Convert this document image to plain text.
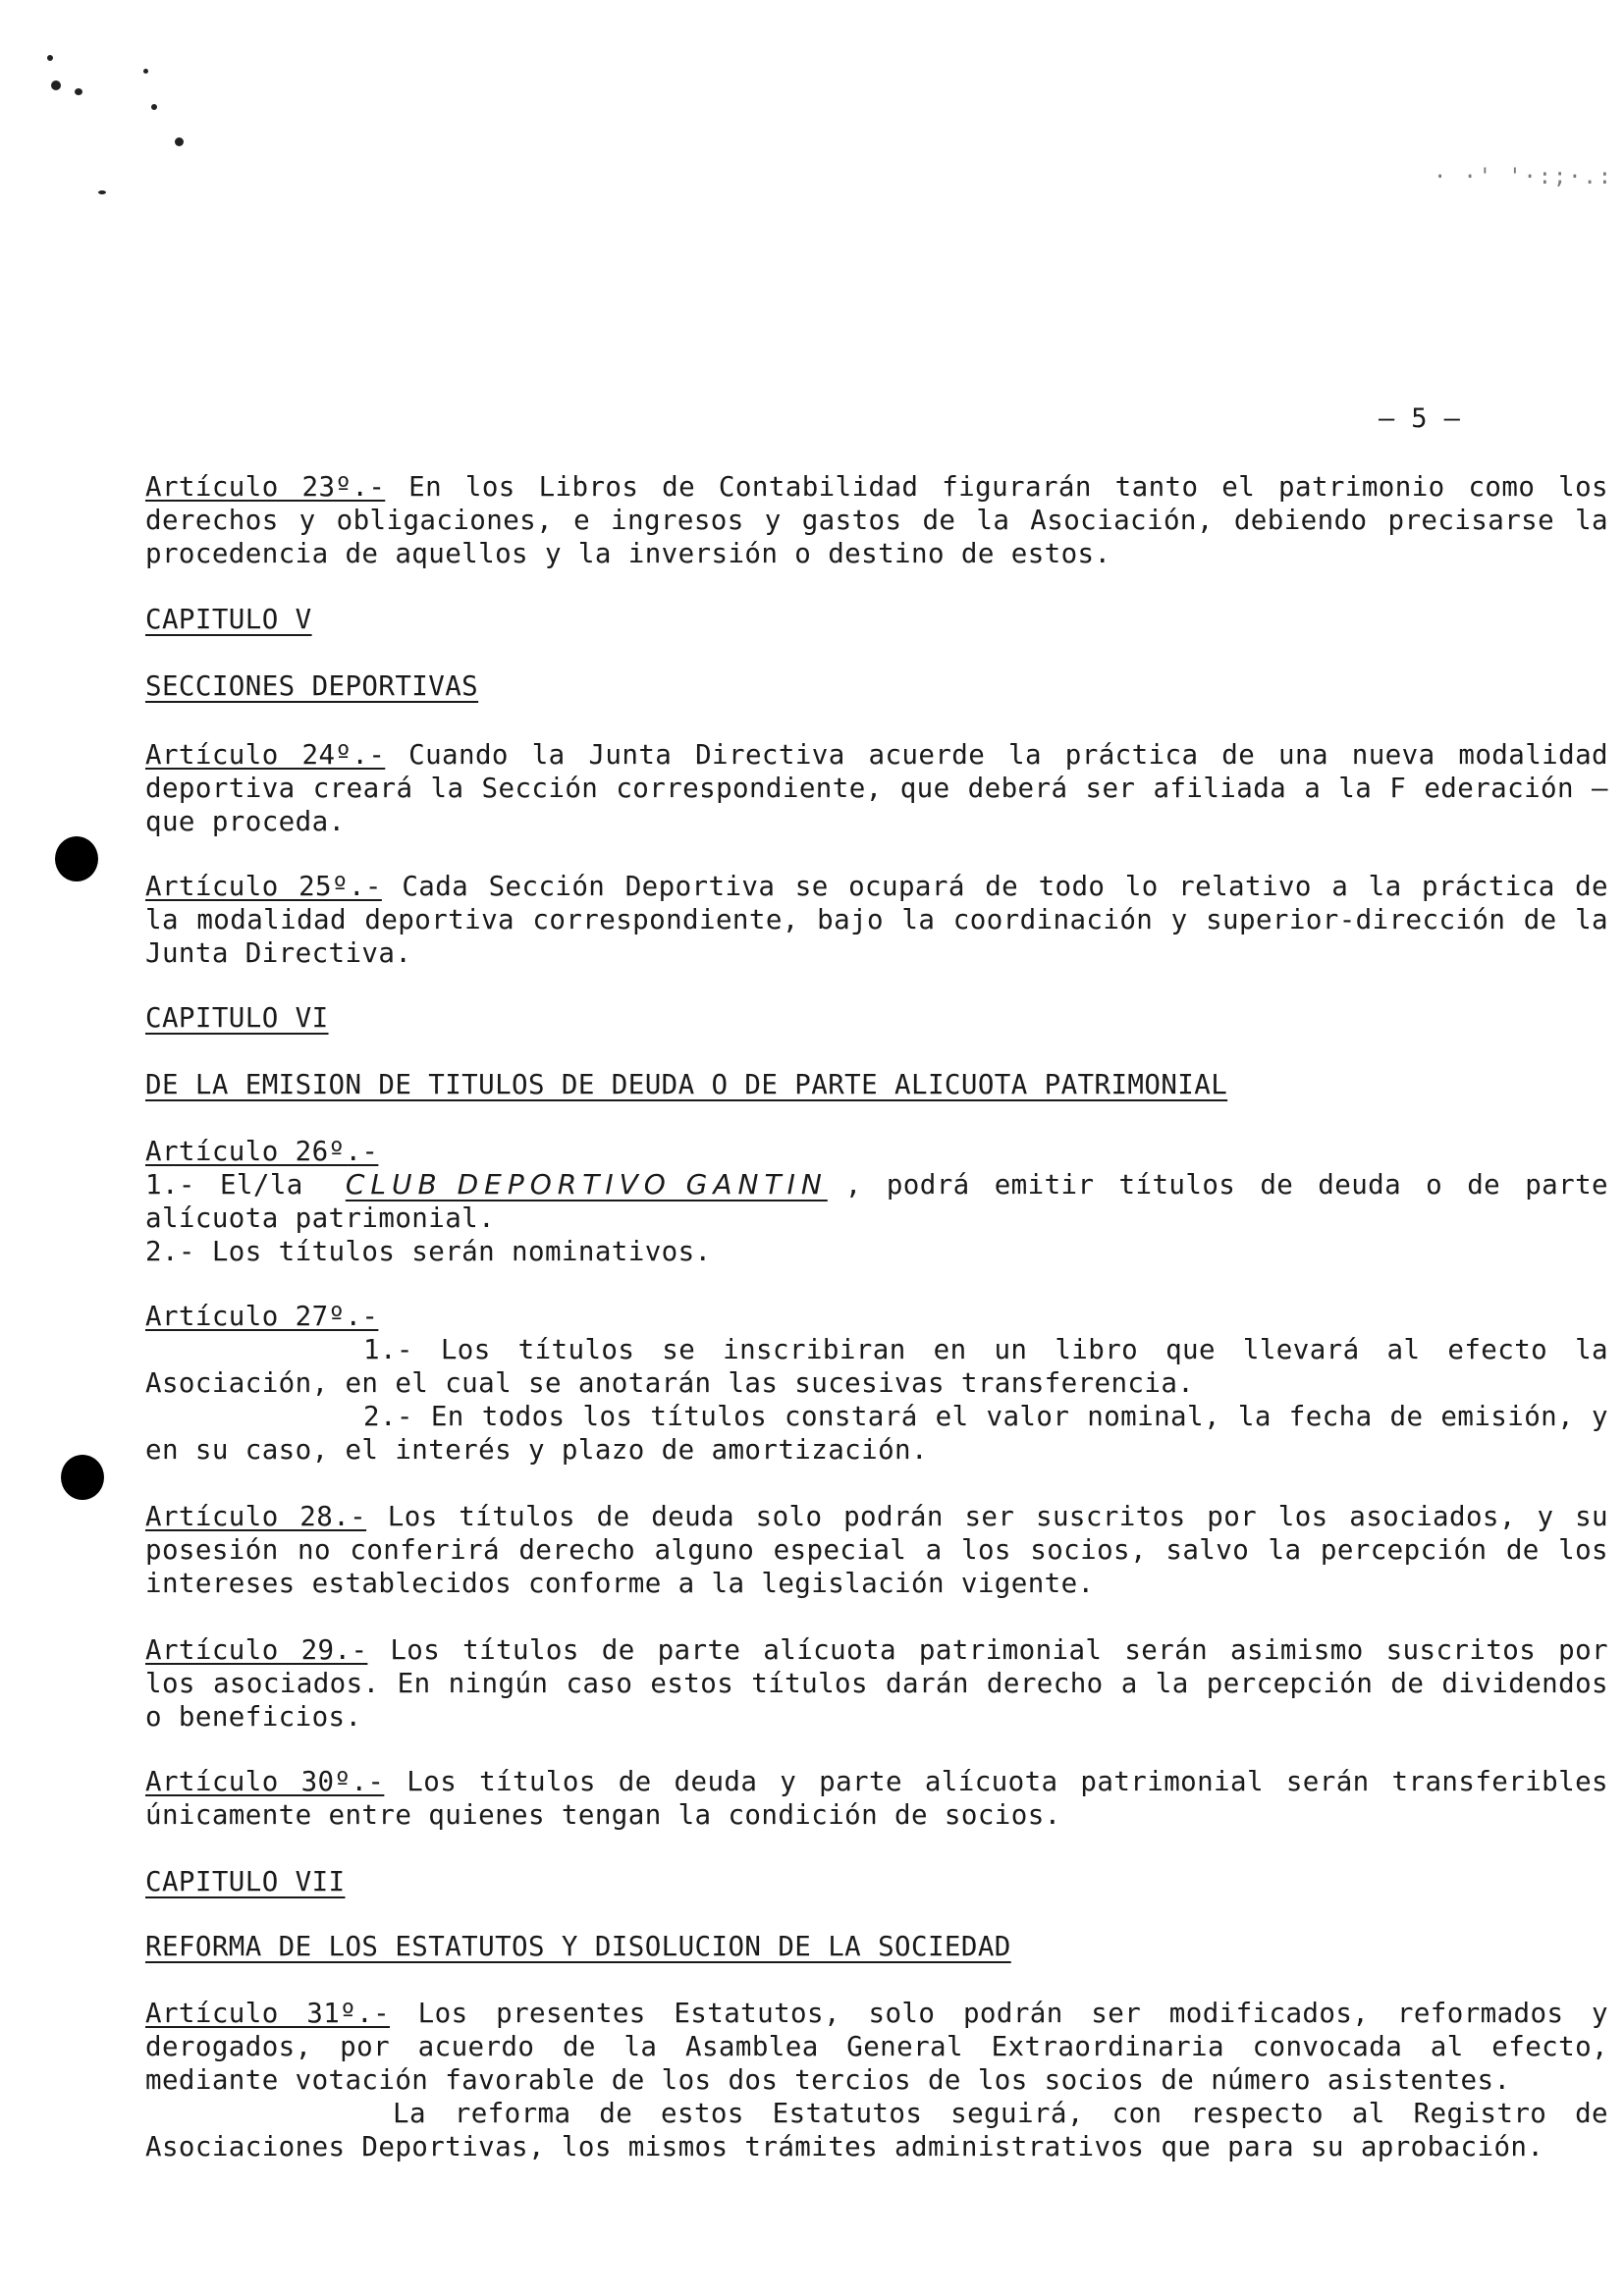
· ·' '·:;·.:
– 5 –
Artículo 23º.- En los Libros de Contabilidad figurarán tanto el patrimonio como los derechos y obligaciones, e ingresos y gastos de la Asociación, debiendo precisarse la procedencia de aquellos y la inversión o destino de estos.
CAPITULO V
SECCIONES DEPORTIVAS
Artículo 24º.- Cuando la Junta Directiva acuerde la práctica de una nueva modalidad deportiva creará la Sección correspondiente, que deberá ser afiliada a la F ederación – que proceda.
Artículo 25º.- Cada Sección Deportiva se ocupará de todo lo relativo a la práctica de la modalidad deportiva correspondiente, bajo la coordinación y superior-dirección de la Junta Directiva.
CAPITULO VI
DE LA EMISION DE TITULOS DE DEUDA O DE PARTE ALICUOTA PATRIMONIAL
Artículo 26º.-
1.- El/la CLUB DEPORTIVO GANTIN , podrá emitir títulos de deuda o de parte alícuota patrimonial.
2.- Los títulos serán nominativos.
Artículo 27º.-
1.- Los títulos se inscribiran en un libro que llevará al efecto la Asociación, en el cual se anotarán las sucesivas transferencia.
2.- En todos los títulos constará el valor nominal, la fecha de emisión, y en su caso, el interés y plazo de amortización.
Artículo 28.- Los títulos de deuda solo podrán ser suscritos por los asociados, y su posesión no conferirá derecho alguno especial a los socios, salvo la percepción de los intereses establecidos conforme a la legislación vigente.
Artículo 29.- Los títulos de parte alícuota patrimonial serán asimismo suscritos por los asociados. En ningún caso estos títulos darán derecho a la percepción de dividendos o beneficios.
Artículo 30º.- Los títulos de deuda y parte alícuota patrimonial serán transferibles únicamente entre quienes tengan la condición de socios.
CAPITULO VII
REFORMA DE LOS ESTATUTOS Y DISOLUCION DE LA SOCIEDAD
Artículo 31º.- Los presentes Estatutos, solo podrán ser modificados, reformados y derogados, por acuerdo de la Asamblea General Extraordinaria convocada al efecto, mediante votación favorable de los dos tercios de los socios de número asistentes.
La reforma de estos Estatutos seguirá, con respecto al Registro de Asociaciones Deportivas, los mismos trámites administrativos que para su aprobación.
